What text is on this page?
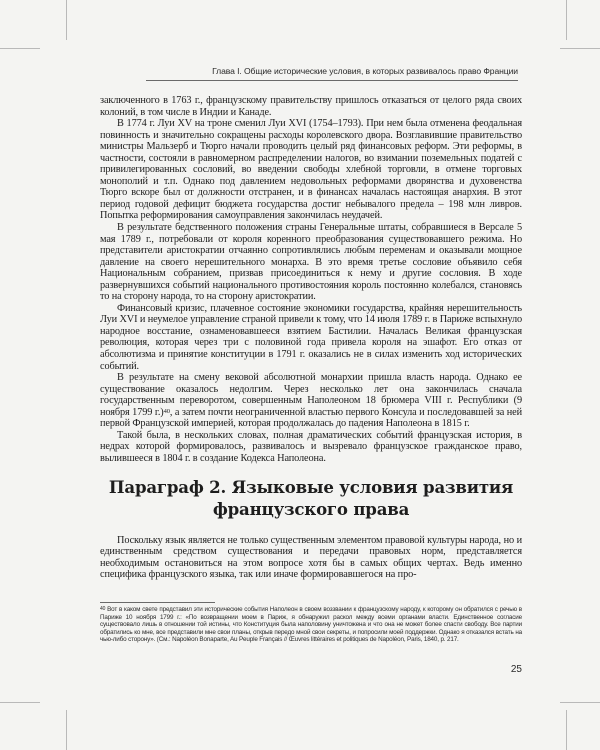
Глава I. Общие исторические условия, в которых развивалось право Франции

заключенного в 1763 г., французскому правительству пришлось отказаться от целого ряда своих колоний, в том числе в Индии и Канаде.

В 1774 г. Луи XV на троне сменил Луи XVI (1754–1793). При нем была отменена феодальная повинность и значительно сокращены расходы королевского двора. Возглавившие правительство министры Мальзерб и Тюрго начали проводить целый ряд финансовых реформ. Эти реформы, в частности, состояли в равномерном распределении налогов, во взимании поземельных податей с привилегированных сословий, во введении свободы хлебной торговли, в отмене торговых монополий и т.п. Однако под давлением недовольных реформами дворянства и духовенства Тюрго вскоре был от должности отстранен, и в финансах началась настоящая анархия. В этот период годовой дефицит бюджета государства достиг небывалого предела – 198 млн ливров. Попытка реформирования самоуправления закончилась неудачей.

В результате бедственного положения страны Генеральные штаты, собравшиеся в Версале 5 мая 1789 г., потребовали от короля коренного преобразования существовавшего режима. Но представители аристократии отчаянно сопротивлялись любым переменам и оказывали мощное давление на своего нерешительного монарха. В это время третье сословие объявило себя Национальным собранием, призвав присоединиться к нему и другие сословия. В ходе развернувшихся событий национального противостояния король постоянно колебался, становясь то на сторону народа, то на сторону аристократии.

Финансовый кризис, плачевное состояние экономики государства, крайняя нерешительность Луи XVI и неумелое управление страной привели к тому, что 14 июля 1789 г. в Париже вспыхнуло народное восстание, ознаменовавшееся взятием Бастилии. Началась Великая французская революция, которая через три с половиной года привела короля на эшафот. Его отказ от абсолютизма и принятие конституции в 1791 г. оказались не в силах изменить ход исторических событий.

В результате на смену вековой абсолютной монархии пришла власть народа. Однако ее существование оказалось недолгим. Через несколько лет она закончилась сначала государственным переворотом, совершенным Наполеоном 18 брюмера VIII г. Республики (9 ноября 1799 г.)$^{40}$, а затем почти неограниченной властью первого Консула и последовавшей за ней первой Французской империей, которая продолжалась до падения Наполеона в 1815 г.

Такой была, в нескольких словах, полная драматических событий французская история, в недрах которой формировалось, развивалось и вызревало французское гражданское право, вылившееся в 1804 г. в создание Кодекса Наполеона.

Параграф 2. Языковые условия развития
французского права

Поскольку язык является не только существенным элементом правовой культуры народа, но и единственным средством существования и передачи правовых норм, представляется необходимым остановиться на этом вопросе хотя бы в самых общих чертах. Ведь именно специфика французского языка, так или иначе формировавшегося на про-

$^{40}$ Вот в каком свете представил эти исторические события Наполеон в своем воззвании к французскому народу, к которому он обратился с речью в Париже 10 ноября 1799 г.: «По возвращении моем в Париж, я обнаружил раскол между всеми органами власти. Единственное согласие существовало лишь в отношении той истины, что Конституция была наполовину уничтожена и что она не может более спасти свободу. Все партии обратились ко мне, все представили мне свои планы, открыв передо мной свои секреты, и попросили моей поддержки. Однако я отказался встать на чью-либо сторону». (См.: Napoléon Bonaparte, Au Peuple Français // Œuvres littéraires et politiques de Napoléon, Paris, 1840, p. 217.

25
